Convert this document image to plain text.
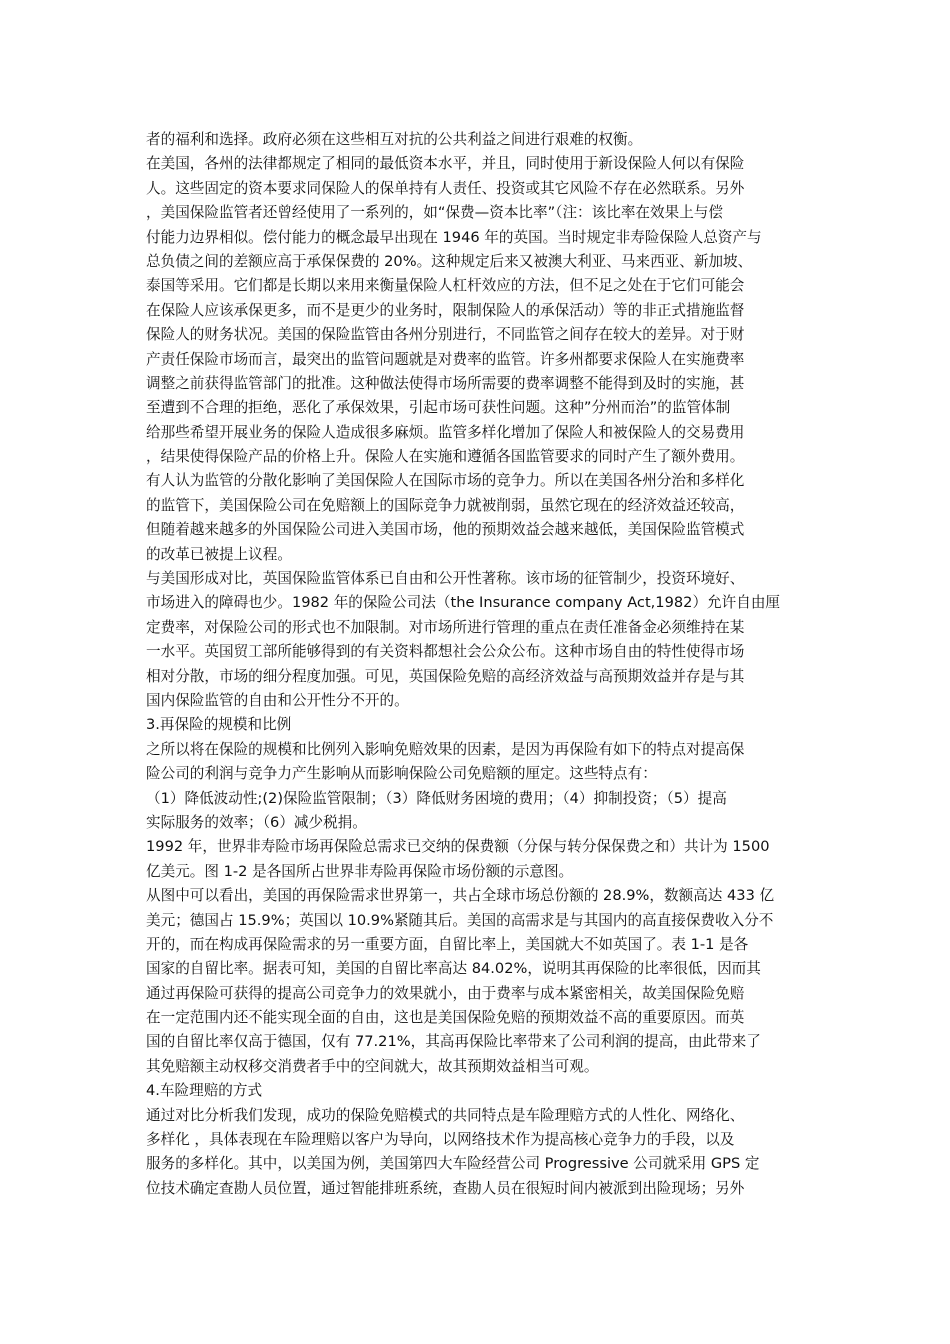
者的福利和选择。政府必须在这些相互对抗的公共利益之间进行艰难的权衡。
在美国，各州的法律都规定了相同的最低资本水平，并且，同时使用于新设保险人何以有保险
人。这些固定的资本要求同保险人的保单持有人责任、投资或其它风险不存在必然联系。另外
，美国保险监管者还曾经使用了一系列的，如“保费—资本比率”（注：该比率在效果上与偿
付能力边界相似。偿付能力的概念最早出现在 1946 年的英国。当时规定非寿险保险人总资产与
总负债之间的差额应高于承保保费的 20%。这种规定后来又被澳大利亚、马来西亚、新加坡、
泰国等采用。它们都是长期以来用来衡量保险人杠杆效应的方法，但不足之处在于它们可能会
在保险人应该承保更多，而不是更少的业务时，限制保险人的承保活动）等的非正式措施监督
保险人的财务状况。美国的保险监管由各州分别进行，不同监管之间存在较大的差异。对于财
产责任保险市场而言，最突出的监管问题就是对费率的监管。许多州都要求保险人在实施费率
调整之前获得监管部门的批准。这种做法使得市场所需要的费率调整不能得到及时的实施，甚
至遭到不合理的拒绝，恶化了承保效果，引起市场可获性问题。这种”分州而治”的监管体制
给那些希望开展业务的保险人造成很多麻烦。监管多样化增加了保险人和被保险人的交易费用
，结果使得保险产品的价格上升。保险人在实施和遵循各国监管要求的同时产生了额外费用。
有人认为监管的分散化影响了美国保险人在国际市场的竞争力。所以在美国各州分治和多样化
的监管下，美国保险公司在免赔额上的国际竞争力就被削弱，虽然它现在的经济效益还较高，
但随着越来越多的外国保险公司进入美国市场，他的预期效益会越来越低，美国保险监管模式
的改革已被提上议程。
与美国形成对比，英国保险监管体系已自由和公开性著称。该市场的征管制少，投资环境好、
市场进入的障碍也少。1982 年的保险公司法（the Insurance company Act,1982）允许自由厘
定费率，对保险公司的形式也不加限制。对市场所进行管理的重点在责任准备金必须维持在某
一水平。英国贸工部所能够得到的有关资料都想社会公众公布。这种市场自由的特性使得市场
相对分散，市场的细分程度加强。可见，英国保险免赔的高经济效益与高预期效益并存是与其
国内保险监管的自由和公开性分不开的。
3.再保险的规模和比例
之所以将在保险的规模和比例列入影响免赔效果的因素，是因为再保险有如下的特点对提高保
险公司的利润与竞争力产生影响从而影响保险公司免赔额的厘定。这些特点有：
（1）降低波动性;(2)保险监管限制；（3）降低财务困境的费用；（4）抑制投资；（5）提高
实际服务的效率；（6）减少税捐。
1992 年，世界非寿险市场再保险总需求已交纳的保费额（分保与转分保保费之和）共计为 1500
亿美元。图 1-2 是各国所占世界非寿险再保险市场份额的示意图。
从图中可以看出，美国的再保险需求世界第一，共占全球市场总份额的 28.9%，数额高达 433 亿
美元；德国占 15.9%；英国以 10.9%紧随其后。美国的高需求是与其国内的高直接保费收入分不
开的，而在构成再保险需求的另一重要方面，自留比率上，美国就大不如英国了。表 1-1 是各
国家的自留比率。据表可知，美国的自留比率高达 84.02%，说明其再保险的比率很低，因而其
通过再保险可获得的提高公司竞争力的效果就小，由于费率与成本紧密相关，故美国保险免赔
在一定范围内还不能实现全面的自由，这也是美国保险免赔的预期效益不高的重要原因。而英
国的自留比率仅高于德国，仅有 77.21%，其高再保险比率带来了公司利润的提高，由此带来了
其免赔额主动权移交消费者手中的空间就大，故其预期效益相当可观。
4.车险理赔的方式
通过对比分析我们发现，成功的保险免赔模式的共同特点是车险理赔方式的人性化、网络化、
多样化 ，具体表现在车险理赔以客户为导向，以网络技术作为提高核心竞争力的手段，以及
服务的多样化。其中，以美国为例，美国第四大车险经营公司 Progressive 公司就采用 GPS 定
位技术确定查勘人员位置，通过智能排班系统，查勘人员在很短时间内被派到出险现场；另外
